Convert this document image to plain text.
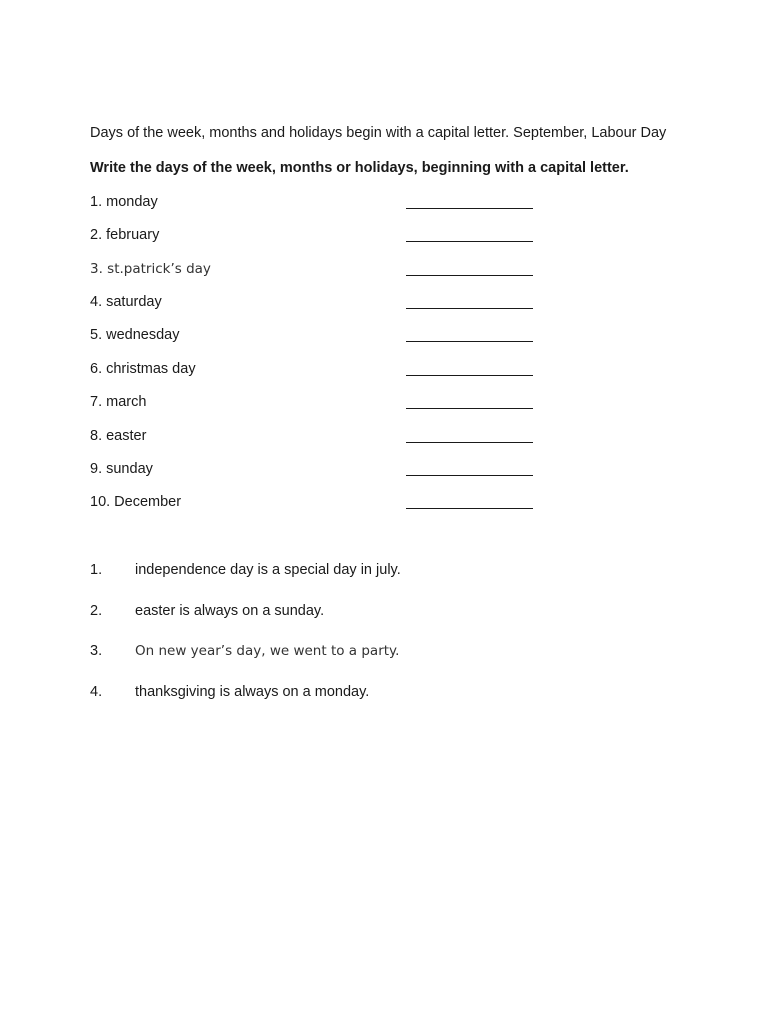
Days of the week, months and holidays begin with a capital letter. September, Labour Day
Write the days of the week, months or holidays, beginning with a capital letter.
1. monday
2. february
3. st.patrick’s day
4. saturday
5. wednesday
6. christmas day
7. march
8. easter
9. sunday
10. December
1. independence day is a special day in july.
2. easter is always on a sunday.
3. On new year’s day, we went to a party.
4. thanksgiving is always on a monday.
